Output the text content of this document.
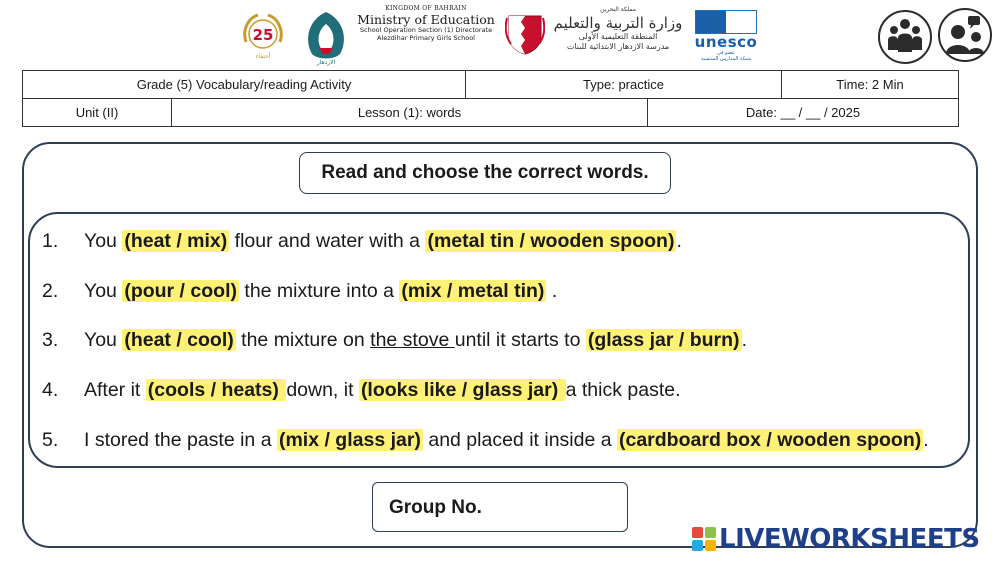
25
أحتفاء
الازدهار
KINGDOM OF BAHRAIN
Ministry of Education
School Operation Section (1) Directorate
Alezdihar Primary Girls School
مملكة البحرين
وزارة التربية والتعليم
المنطقة التعليمية الأولى
مدرسة الازدهار الابتدائية للبنات	unesco
عضو في
شبكة المدارس المنتسبة
Grade (5) Vocabulary/reading Activity		Type: practice		Time: 2 Min
Unit (II)	Lesson (1): words		Date: __ / __ / 2025	
Read and choose the correct words.
1. You (heat / mix) flour and water with a (metal tin / wooden spoon) .
2. You (pour / cool) the mixture into a (mix / metal tin) .
3. You (heat / cool) the mixture on the stove until it starts to (glass jar / burn) .
4. After it (cools / heats) down, it (looks like / glass jar) a thick paste.
5. I stored the paste in a (mix / glass jar) and placed it inside a (cardboard box / wooden spoon) .
Group No.
LIVEWORKSHEETS
